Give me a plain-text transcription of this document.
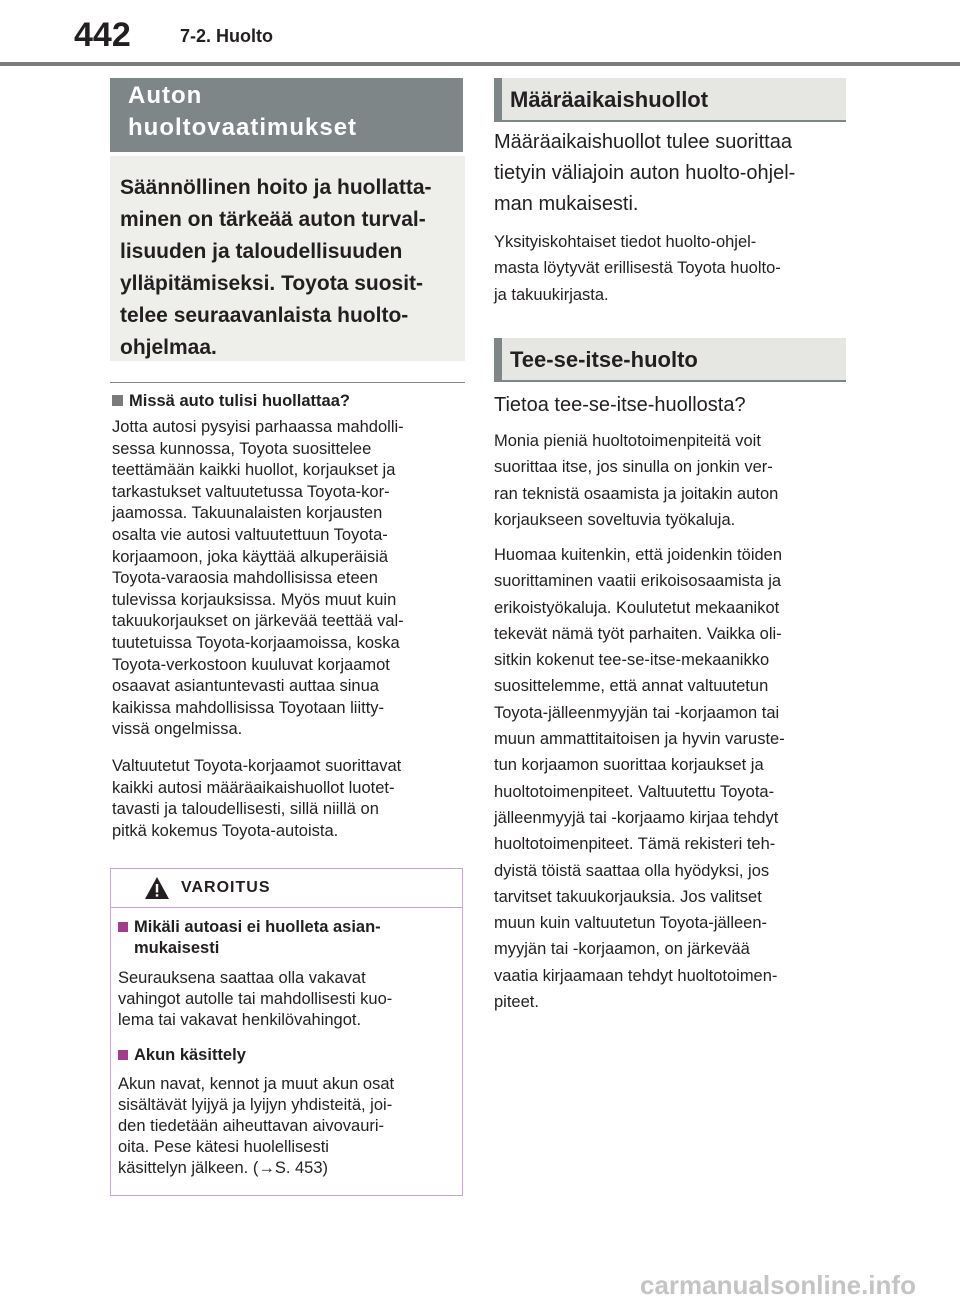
442	7-2. Huolto
Auton
huoltovaatimukset
Säännöllinen hoito ja huollatta-
minen on tärkeää auton turval-
lisuuden ja taloudellisuuden
ylläpitämiseksi. Toyota suosit-
telee seuraavanlaista huolto-
ohjelmaa.
Missä auto tulisi huollattaa?
Jotta autosi pysyisi parhaassa mahdolli-
sessa kunnossa, Toyota suosittelee
teettämään kaikki huollot, korjaukset ja
tarkastukset valtuutetussa Toyota-kor-
jaamossa. Takuunalaisten korjausten
osalta vie autosi valtuutettuun Toyota-
korjaamoon, joka käyttää alkuperäisiä
Toyota-varaosia mahdollisissa eteen
tulevissa korjauksissa. Myös muut kuin
takuukorjaukset on järkevää teettää val-
tuutetuissa Toyota-korjaamoissa, koska
Toyota-verkostoon kuuluvat korjaamot
osaavat asiantuntevasti auttaa sinua
kaikissa mahdollisissa Toyotaan liitty-
vissä ongelmissa.
Valtuutetut Toyota-korjaamot suorittavat
kaikki autosi määräaikaishuollot luotet-
tavasti ja taloudellisesti, sillä niillä on
pitkä kokemus Toyota-autoista.
VAROITUS
Mikäli autoasi ei huolleta asian-
mukaisesti
Seurauksena saattaa olla vakavat
vahingot autolle tai mahdollisesti kuo-
lema tai vakavat henkilövahingot.
Akun käsittely
Akun navat, kennot ja muut akun osat
sisältävät lyijyä ja lyijyn yhdisteitä, joi-
den tiedetään aiheuttavan aivovauri-
oita. Pese kätesi huolellisesti
käsittelyn jälkeen. (→S. 453)
Määräaikaishuollot
Määräaikaishuollot tulee suorittaa
tietyin väliajoin auton huolto-ohjel-
man mukaisesti.
Yksityiskohtaiset tiedot huolto-ohjel-
masta löytyvät erillisestä Toyota huolto-
ja takuukirjasta.
Tee-se-itse-huolto
Tietoa tee-se-itse-huollosta?
Monia pieniä huoltotoimenpiteitä voit
suorittaa itse, jos sinulla on jonkin ver-
ran teknistä osaamista ja joitakin auton
korjaukseen soveltuvia työkaluja.
Huomaa kuitenkin, että joidenkin töiden
suorittaminen vaatii erikoisosaamista ja
erikoistyökaluja. Koulutetut mekaanikot
tekevät nämä työt parhaiten. Vaikka oli-
sitkin kokenut tee-se-itse-mekaanikko
suosittelemme, että annat valtuutetun
Toyota-jälleenmyyjän tai -korjaamon tai
muun ammattitaitoisen ja hyvin varuste-
tun korjaamon suorittaa korjaukset ja
huoltotoimenpiteet. Valtuutettu Toyota-
jälleenmyyjä tai -korjaamo kirjaa tehdyt
huoltotoimenpiteet. Tämä rekisteri teh-
dyistä töistä saattaa olla hyödyksi, jos
tarvitset takuukorjauksia. Jos valitset
muun kuin valtuutetun Toyota-jälleen-
myyjän tai -korjaamon, on järkevää
vaatia kirjaamaan tehdyt huoltotoimen-
piteet.
carmanualsonline.info
